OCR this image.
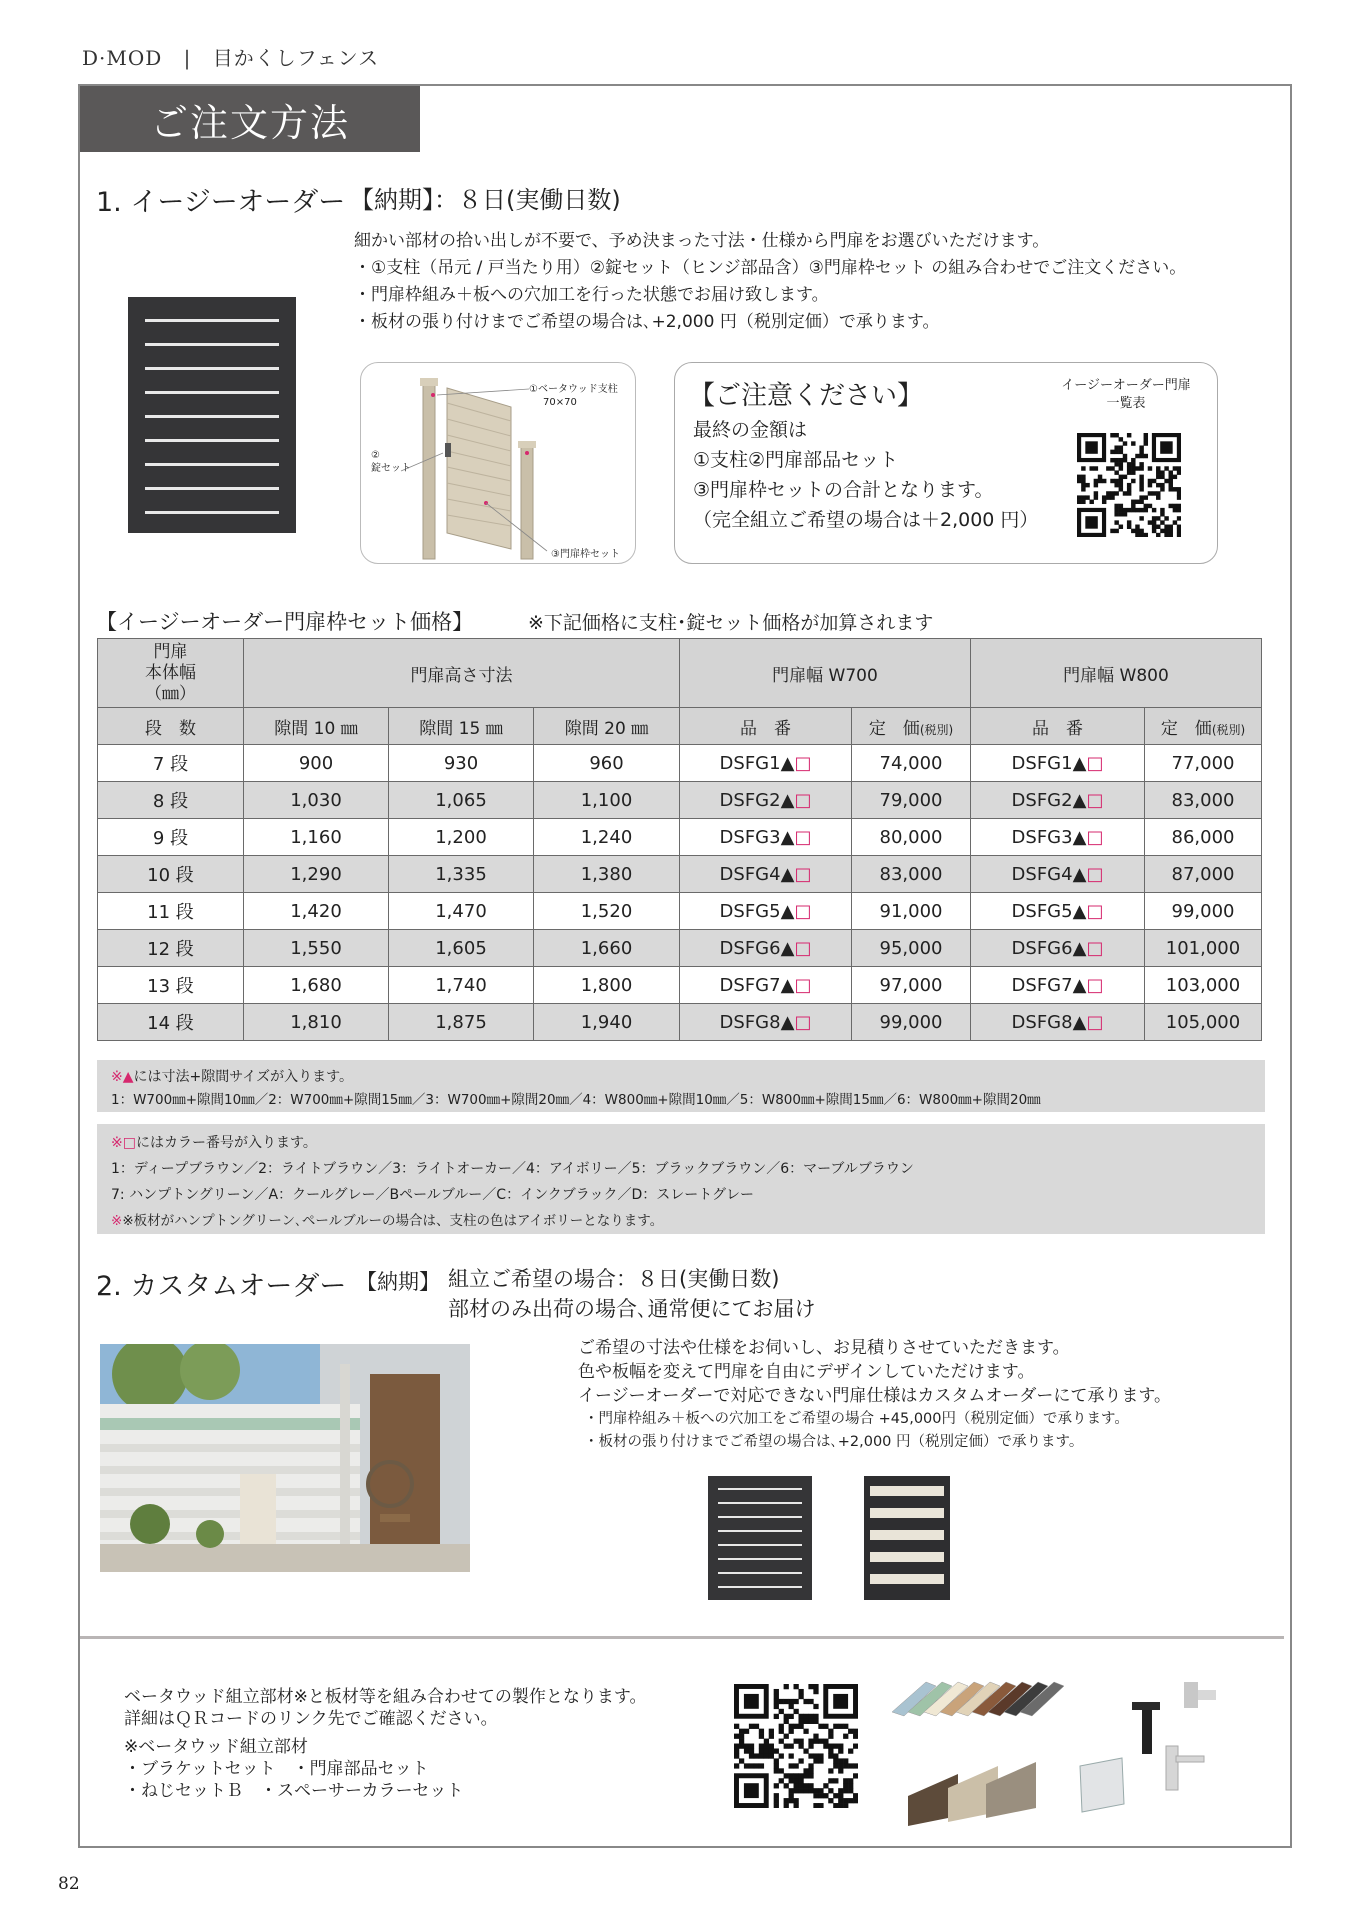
D·MOD | 目かくしフェンス
ご注文方法
1. イージーオーダー 【納期】：８日(実働日数)
細かい部材の拾い出しが不要で、予め決まった寸法・仕様から門扉をお選びいただけます。
・①支柱（吊元 / 戸当たり用）②錠セット（ヒンジ部品含）③門扉枠セット の組み合わせでご注文ください。
・門扉枠組み＋板への穴加工を行った状態でお届け致します。
・板材の張り付けまでご希望の場合は､+2,000 円（税別定価）で承ります。
①ベータウッド支柱
70×70
②
錠セット
③門扉枠セット
【ご注意ください】
最終の金額は
①支柱②門扉部品セット
③門扉枠セットの合計となります。
（完全組立ご希望の場合は＋2,000 円）
イージーオーダー門扉
一覧表
【イージーオーダー門扉枠セット価格】	※下記価格に支柱･錠セット価格が加算されます
門扉
本体幅
（㎜）	門扉高さ寸法			門扉幅 W700		門扉幅 W800	
段　数	隙間 10 ㎜	隙間 15 ㎜	隙間 20 ㎜	品　番	定　価(税別)	品　番	定　価(税別)
7 段	900	930	960	DSFG1▲□	74,000	DSFG1▲□	77,000
8 段	1,030	1,065	1,100	DSFG2▲□	79,000	DSFG2▲□	83,000
9 段	1,160	1,200	1,240	DSFG3▲□	80,000	DSFG3▲□	86,000
10 段	1,290	1,335	1,380	DSFG4▲□	83,000	DSFG4▲□	87,000
11 段	1,420	1,470	1,520	DSFG5▲□	91,000	DSFG5▲□	99,000
12 段	1,550	1,605	1,660	DSFG6▲□	95,000	DSFG6▲□	101,000
13 段	1,680	1,740	1,800	DSFG7▲□	97,000	DSFG7▲□	103,000
14 段	1,810	1,875	1,940	DSFG8▲□	99,000	DSFG8▲□	105,000
※▲には寸法+隙間サイズが入ります。
1：W700㎜+隙間10㎜／2：W700㎜+隙間15㎜／3：W700㎜+隙間20㎜／4：W800㎜+隙間10㎜／5：W800㎜+隙間15㎜／6：W800㎜+隙間20㎜
※□にはカラー番号が入ります。
1：ディープブラウン／2：ライトブラウン／3：ライトオーカー／4：アイボリー／5：ブラックブラウン／6：マーブルブラウン
7: ハンプトングリーン／A：クールグレー／Bペールブルー／C：インクブラック／D：スレートグレー
※※板材がハンプトングリーン､ペールブルーの場合は、支柱の色はアイボリーとなります。
2. カスタムオーダー 【納期】 組立ご希望の場合：８日(実働日数)
部材のみ出荷の場合､通常便にてお届け
ご希望の寸法や仕様をお伺いし、お見積りさせていただきます。
色や板幅を変えて門扉を自由にデザインしていただけます。
イージーオーダーで対応できない門扉仕様はカスタムオーダーにて承ります。
・門扉枠組み＋板への穴加工をご希望の場合 +45,000円（税別定価）で承ります。
・板材の張り付けまでご希望の場合は､+2,000 円（税別定価）で承ります。
ベータウッド組立部材※と板材等を組み合わせての製作となります。
詳細はＱＲコードのリンク先でご確認ください。
※ベータウッド組立部材
・ブラケットセット　・門扉部品セット
・ねじセットＢ　・スペーサーカラーセット
82
